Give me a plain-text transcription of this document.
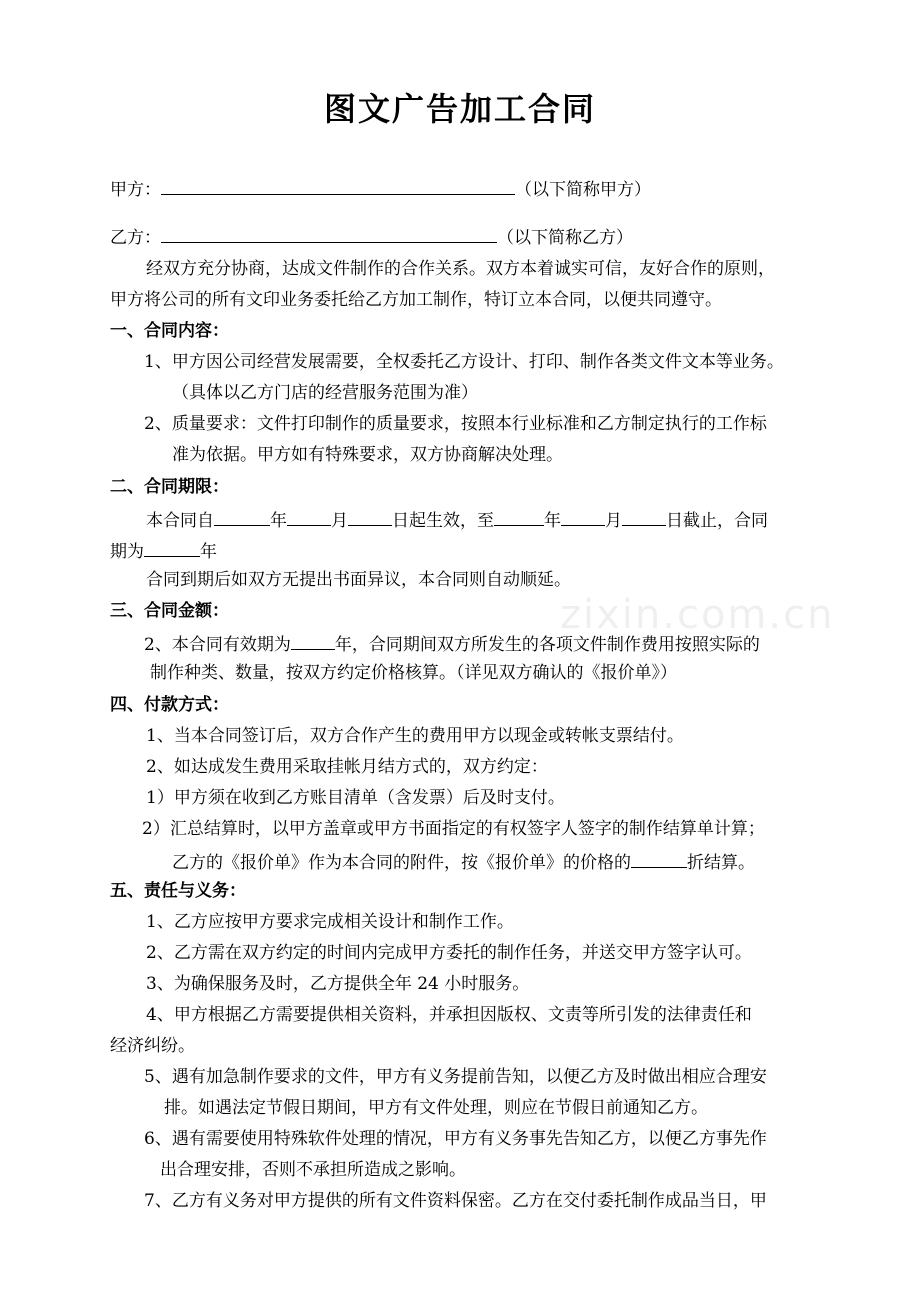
图文广告加工合同
甲方：	（以下简称甲方）
乙方：	（以下简称乙方）
经双方充分协商，达成文件制作的合作关系。双方本着诚实可信，友好合作的原则，
甲方将公司的所有文印业务委托给乙方加工制作，特订立本合同，以便共同遵守。
一、合同内容：
1、甲方因公司经营发展需要，全权委托乙方设计、打印、制作各类文件文本等业务。
（具体以乙方门店的经营服务范围为准）
2、质量要求：文件打印制作的质量要求，按照本行业标准和乙方制定执行的工作标
准为依据。甲方如有特殊要求，双方协商解决处理。
二、合同期限：
本合同自	年	月	日起生效，至	年	月	日截止，合同
期为	年
合同到期后如双方无提出书面异议，本合同则自动顺延。
三、合同金额：
2、本合同有效期为	年，合同期间双方所发生的各项文件制作费用按照实际的
制作种类、数量，按双方约定价格核算。（详见双方确认的《报价单》）
四、付款方式：
1、当本合同签订后，双方合作产生的费用甲方以现金或转帐支票结付。
2、如达成发生费用采取挂帐月结方式的，双方约定：
1）甲方须在收到乙方账目清单（含发票）后及时支付。
2）汇总结算时，以甲方盖章或甲方书面指定的有权签字人签字的制作结算单计算；
乙方的《报价单》作为本合同的附件，按《报价单》的价格的	折结算。
五、责任与义务：
1、乙方应按甲方要求完成相关设计和制作工作。
2、乙方需在双方约定的时间内完成甲方委托的制作任务，并送交甲方签字认可。
3、为确保服务及时，乙方提供全年 24 小时服务。
4、甲方根据乙方需要提供相关资料，并承担因版权、文责等所引发的法律责任和
经济纠纷。
5、遇有加急制作要求的文件，甲方有义务提前告知，以便乙方及时做出相应合理安
排。如遇法定节假日期间，甲方有文件处理，则应在节假日前通知乙方。
6、遇有需要使用特殊软件处理的情况，甲方有义务事先告知乙方，以便乙方事先作
出合理安排，否则不承担所造成之影响。
7、乙方有义务对甲方提供的所有文件资料保密。乙方在交付委托制作成品当日，甲
zixin.com.cn
